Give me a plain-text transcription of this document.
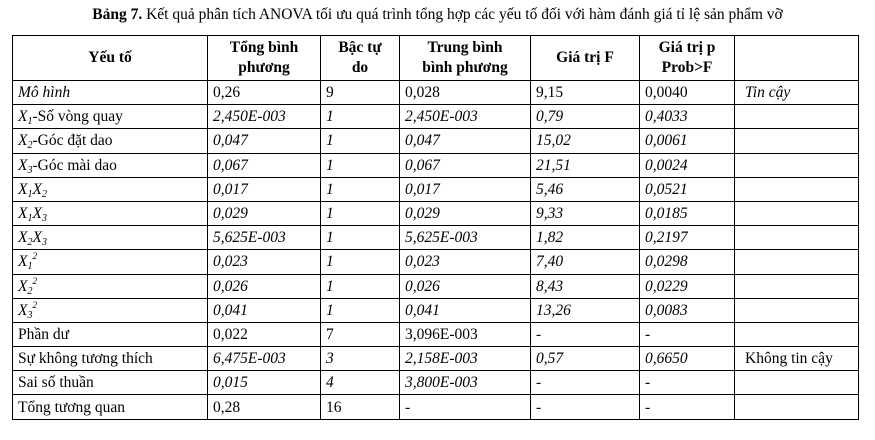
Bảng 7. Kết quả phân tích ANOVA tối ưu quá trình tổng hợp các yếu tố đối với hàm đánh giá tỉ lệ sản phẩm vỡ
Yếu tố	Tổng bình phương	Bậc tự do	Trung bình bình phương	Giá trị F	Giá trị p Prob>F	

Mô hình	0,26	9	0,028	9,15	0,0040	Tin cậy
$X_1-Số$ vòng quay	2,450E-003	1	2,450E-003	0,79	0,4033	
$X_2$-Góc đặt dao	0,047	1	0,047	15,02	0,0061	
$X_3$-Góc mài dao	0,067	1	0,067	21,51	0,0024	
$X_1X_2$	0,017	1	0,017	5,46	0,0521	
$X_1X_3$	0,029	1	0,029	9,33	0,0185	
$X_2X_3$	5,625E-003	1	5,625E-003	1,82	0,2197	
$X_1^2$	0,023	1	0,023	7,40	0,0298	
$X_2^2$	0,026	1	0,026	8,43	0,0229	
$X_3^2$	0,041	1	0,041	13,26	0,0083	
Phần dư	0,022	7	3,096E-003	-	-	
Sự không tương thích	6,475E-003	3	2,158E-003	0,57	0,6650	Không tin cậy
Sai số thuần	0,015	4	3,800E-003	-	-	
Tổng tương quan	0,28	16	-	-	-	
